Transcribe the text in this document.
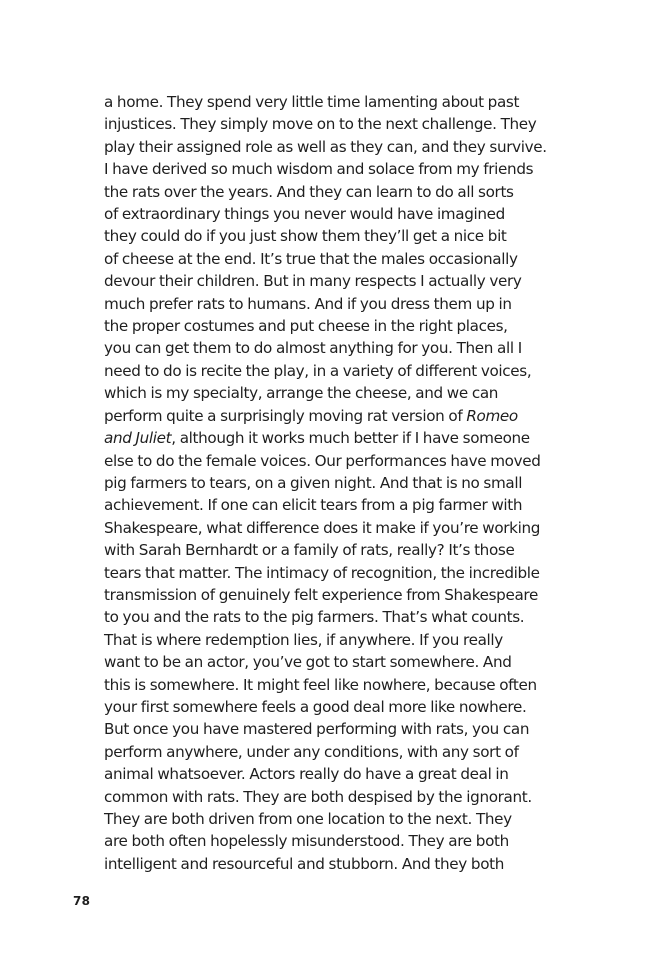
a home. They spend very little time lamenting about past
injustices. They simply move on to the next challenge. They
play their assigned role as well as they can, and they survive.
I have derived so much wisdom and solace from my friends
the rats over the years. And they can learn to do all sorts
of extraordinary things you never would have imagined
they could do if you just show them they’ll get a nice bit
of cheese at the end. It’s true that the males occasionally
devour their children. But in many respects I actually very
much prefer rats to humans. And if you dress them up in
the proper costumes and put cheese in the right places,
you can get them to do almost anything for you. Then all I
need to do is recite the play, in a variety of different voices,
which is my specialty, arrange the cheese, and we can
perform quite a surprisingly moving rat version of Romeo
and Juliet, although it works much better if I have someone
else to do the female voices. Our performances have moved
pig farmers to tears, on a given night. And that is no small
achievement. If one can elicit tears from a pig farmer with
Shakespeare, what difference does it make if you’re working
with Sarah Bernhardt or a family of rats, really? It’s those
tears that matter. The intimacy of recognition, the incredible
transmission of genuinely felt experience from Shakespeare
to you and the rats to the pig farmers. That’s what counts.
That is where redemption lies, if anywhere. If you really
want to be an actor, you’ve got to start somewhere. And
this is somewhere. It might feel like nowhere, because often
your first somewhere feels a good deal more like nowhere.
But once you have mastered performing with rats, you can
perform anywhere, under any conditions, with any sort of
animal whatsoever. Actors really do have a great deal in
common with rats. They are both despised by the ignorant.
They are both driven from one location to the next. They
are both often hopelessly misunderstood. They are both
intelligent and resourceful and stubborn. And they both
78
